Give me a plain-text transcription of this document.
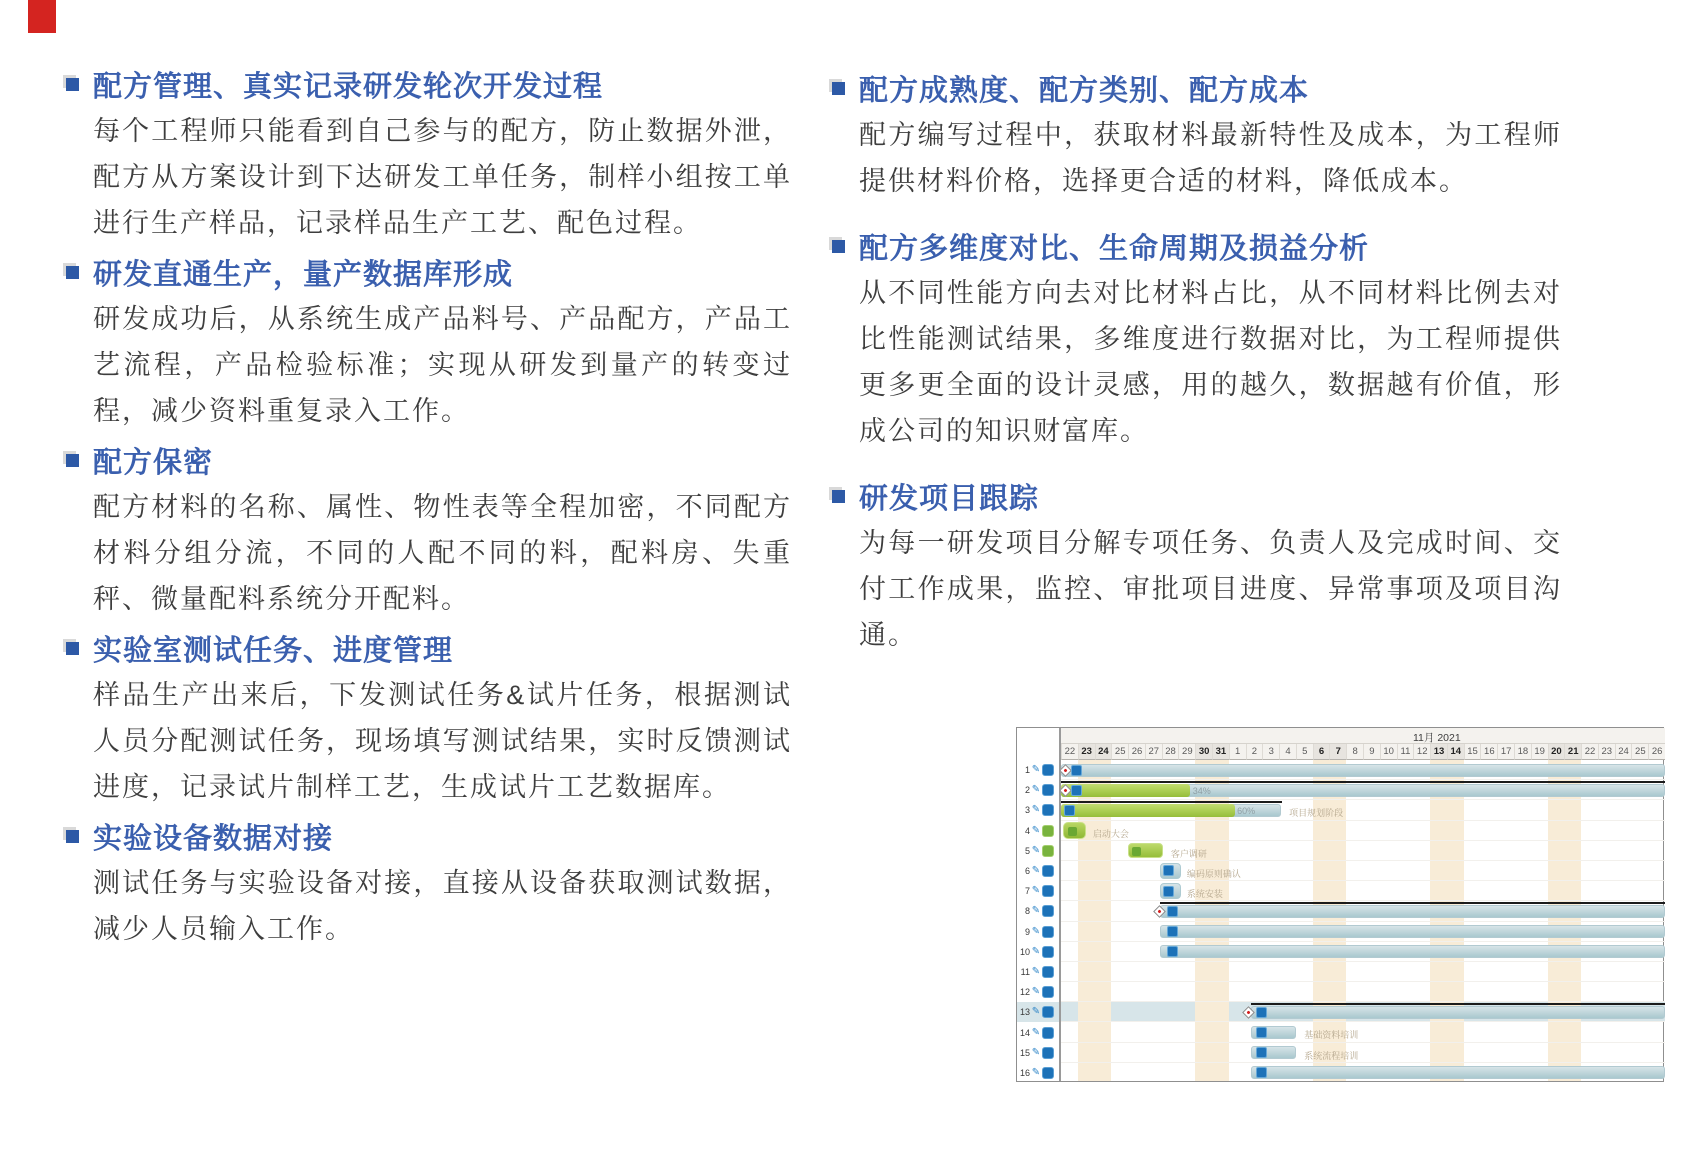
配方管理、真实记录研发轮次开发过程

每个工程师只能看到自己参与的配方，防止数据外泄，配方从方案设计到下达研发工单任务，制样小组按工单进行生产样品，记录样品生产工艺、配色过程。

研发直通生产，量产数据库形成

研发成功后，从系统生成产品料号、产品配方，产品工艺流程，产品检验标准；实现从研发到量产的转变过程，减少资料重复录入工作。

配方保密

配方材料的名称、属性、物性表等全程加密，不同配方材料分组分流，不同的人配不同的料，配料房、失重秤、微量配料系统分开配料。

实验室测试任务、进度管理

样品生产出来后，下发测试任务&试片任务，根据测试人员分配测试任务，现场填写测试结果，实时反馈测试进度，记录试片制样工艺，生成试片工艺数据库。

实验设备数据对接

测试任务与实验设备对接，直接从设备获取测试数据，减少人员输入工作。

配方成熟度、配方类别、配方成本

配方编写过程中，获取材料最新特性及成本，为工程师提供材料价格，选择更合适的材料，降低成本。

配方多维度对比、生命周期及损益分析

从不同性能方向去对比材料占比，从不同材料比例去对比性能测试结果，多维度进行数据对比，为工程师提供更多更全面的设计灵感，用的越久，数据越有价值，形成公司的知识财富库。

研发项目跟踪

为每一研发项目分解专项任务、负责人及完成时间、交付工作成果，监控、审批项目进度、异常事项及项目沟通。

1 ✎
2 ✎
3 ✎
4 ✎
5 ✎
6 ✎
7 ✎
8 ✎
9 ✎
10 ✎
11 ✎
12 ✎
13 ✎
14 ✎
15 ✎
16 ✎
11月 2021
22 23 24 25 26 27 28 29 30 31 1	2	3	4	5	6	7	8	9 10 11 12 13 14 15 16 17 18 19 20 21 22 23 24 25 26
34%
60%	项目规划阶段
启动大会
客户调研
编码原则确认
系统安装
基础资料培训
系统流程培训
